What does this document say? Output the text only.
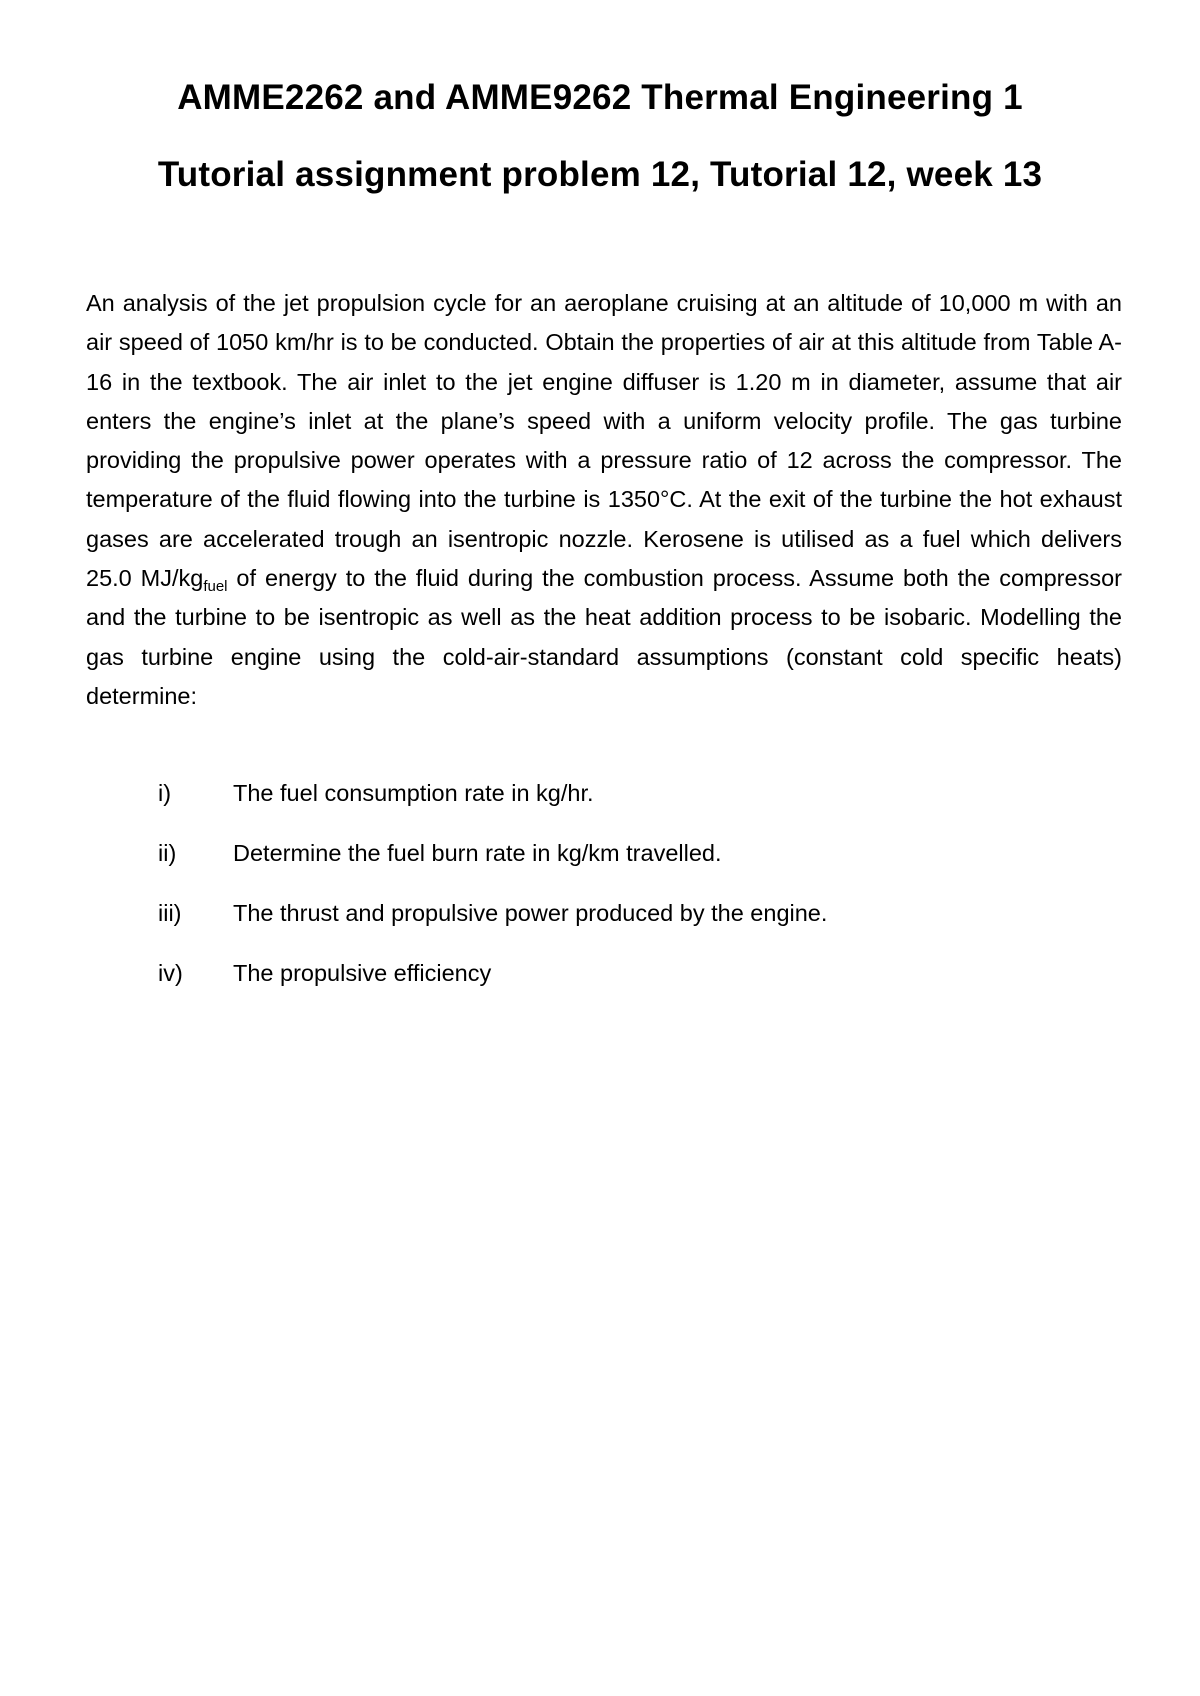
AMME2262 and AMME9262 Thermal Engineering 1
Tutorial assignment problem 12, Tutorial 12, week 13

An analysis of the jet propulsion cycle for an aeroplane cruising at an altitude of 10,000 m with an air speed of 1050 km/hr is to be conducted. Obtain the properties of air at this altitude from Table A-16 in the textbook. The air inlet to the jet engine diffuser is 1.20 m in diameter, assume that air enters the engine’s inlet at the plane’s speed with a uniform velocity profile. The gas turbine providing the propulsive power operates with a pressure ratio of 12 across the compressor. The temperature of the fluid flowing into the turbine is 1350°C. At the exit of the turbine the hot exhaust gases are accelerated trough an isentropic nozzle. Kerosene is utilised as a fuel which delivers 25.0 $MJ/kg_{fuel}$ of energy to the fluid during the combustion process. Assume both the compressor and the turbine to be isentropic as well as the heat addition process to be isobaric. Modelling the gas turbine engine using the cold-air-standard assumptions (constant cold specific heats) determine:

i)	The fuel consumption rate in kg/hr.
ii) Determine the fuel burn rate in kg/km travelled.
iii) The thrust and propulsive power produced by the engine.
iv) The propulsive efficiency
